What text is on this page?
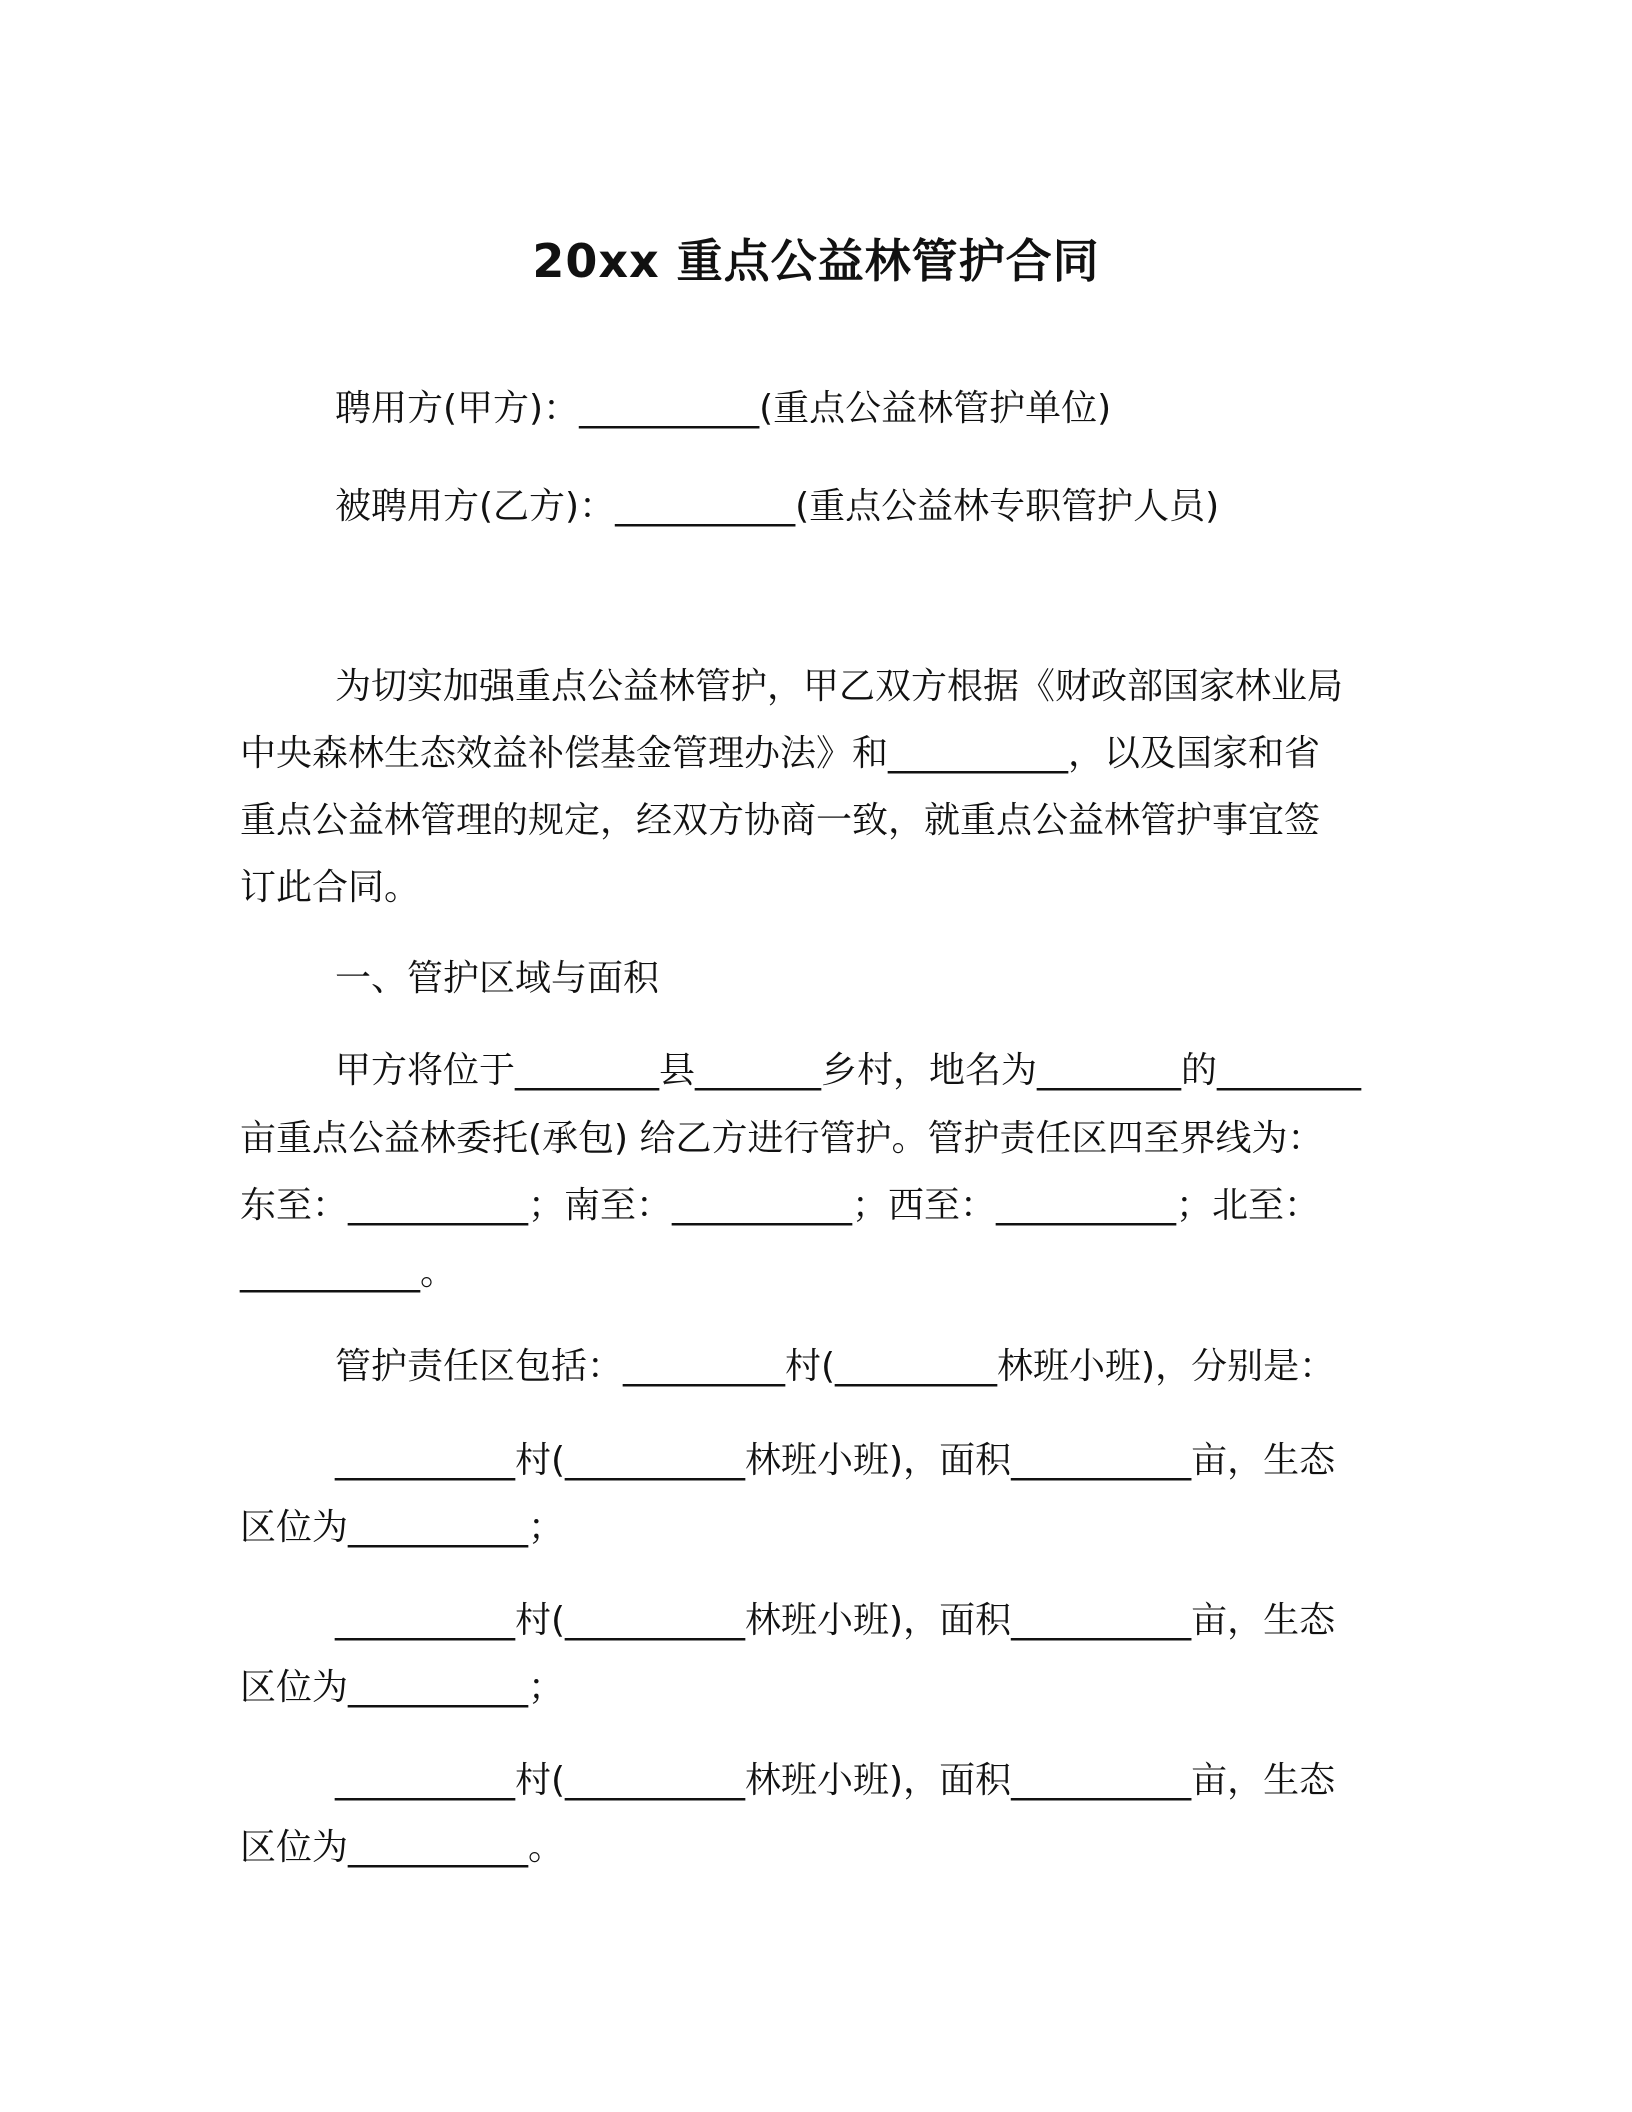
20xx 重点公益林管护合同
聘用方(甲方)：__________(重点公益林管护单位)
被聘用方(乙方)：__________(重点公益林专职管护人员)
为切实加强重点公益林管护，甲乙双方根据《财政部国家林业局
中央森林生态效益补偿基金管理办法》和__________，以及国家和省
重点公益林管理的规定，经双方协商一致，就重点公益林管护事宜签
订此合同。
一、管护区域与面积
甲方将位于________县_______乡村，地名为________的________
亩重点公益林委托(承包) 给乙方进行管护。管护责任区四至界线为：
东至：__________；南至：__________；西至：__________；北至：
__________。
管护责任区包括：_________村(_________林班小班)，分别是：
__________村(__________林班小班)，面积__________亩，生态
区位为__________；
__________村(__________林班小班)，面积__________亩，生态
区位为__________；
__________村(__________林班小班)，面积__________亩，生态
区位为__________。
